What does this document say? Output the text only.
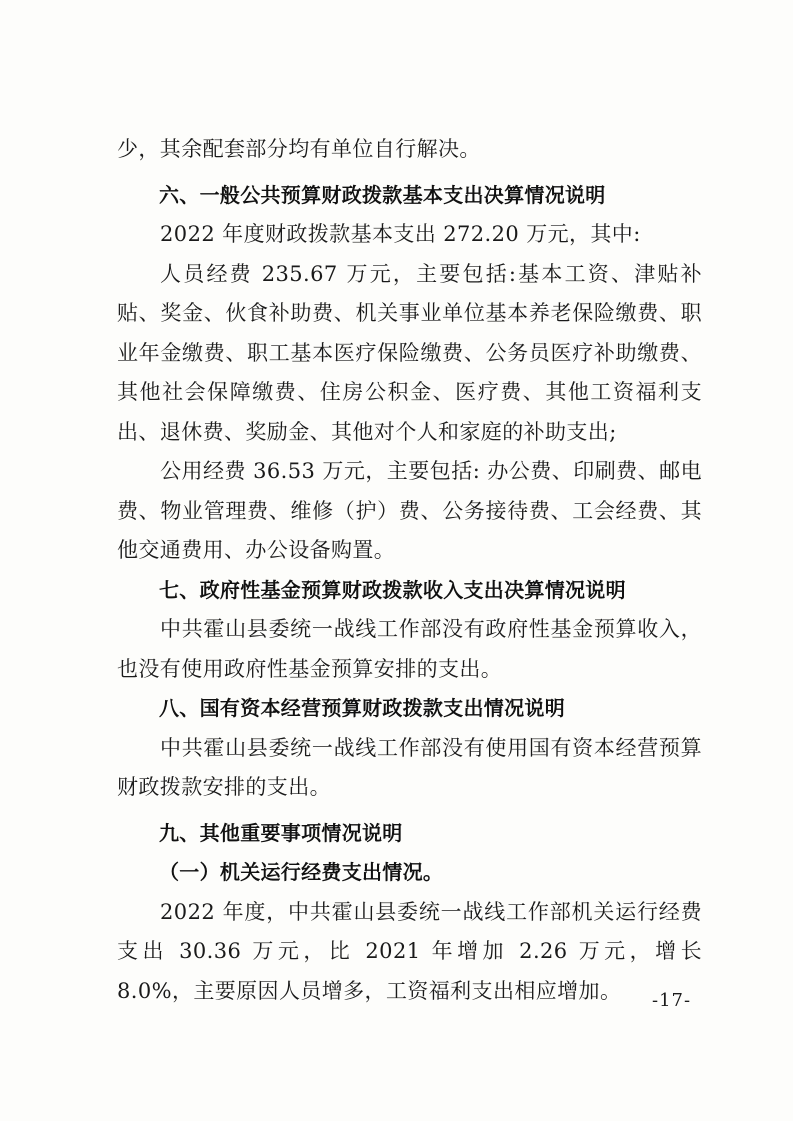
少，其余配套部分均有单位自行解决。

六、一般公共预算财政拨款基本支出决算情况说明

2022 年度财政拨款基本支出 272.20 万元，其中:

人员经费 235.67 万元，主要包括:基本工资、津贴补贴、奖金、伙食补助费、机关事业单位基本养老保险缴费、职业年金缴费、职工基本医疗保险缴费、公务员医疗补助缴费、其他社会保障缴费、住房公积金、医疗费、其他工资福利支出、退休费、奖励金、其他对个人和家庭的补助支出;

公用经费 36.53 万元，主要包括: 办公费、印刷费、邮电费、物业管理费、维修（护）费、公务接待费、工会经费、其他交通费用、办公设备购置。

七、政府性基金预算财政拨款收入支出决算情况说明

中共霍山县委统一战线工作部没有政府性基金预算收入，也没有使用政府性基金预算安排的支出。

八、国有资本经营预算财政拨款支出情况说明

中共霍山县委统一战线工作部没有使用国有资本经营预算财政拨款安排的支出。

九、其他重要事项情况说明

（一）机关运行经费支出情况。

2022 年度，中共霍山县委统一战线工作部机关运行经费支出 30.36 万元，比 2021 年增加 2.26 万元，增长 8.0%，主要原因人员增多，工资福利支出相应增加。	-17-
